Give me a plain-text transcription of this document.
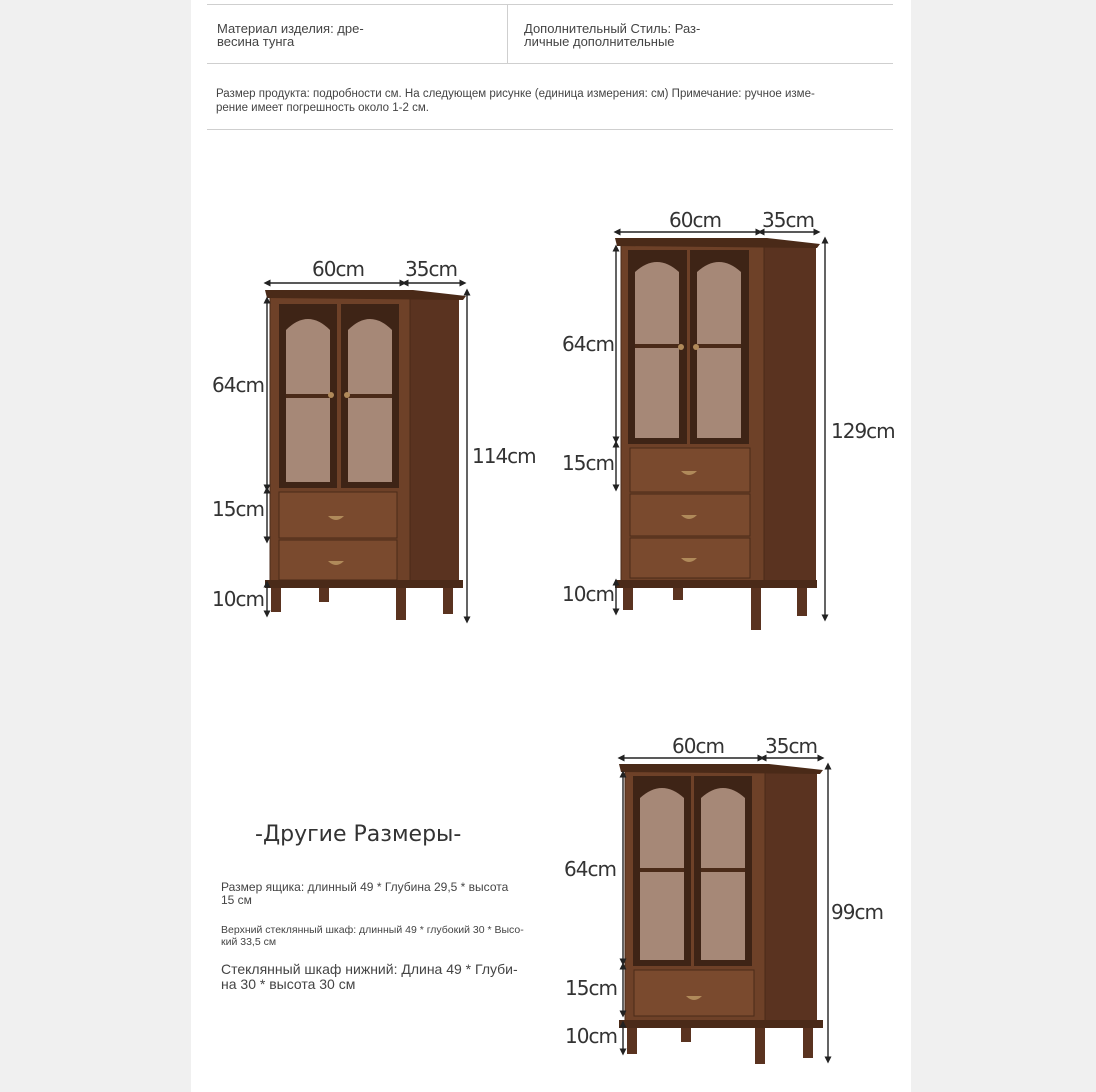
Материал изделия: дре-
весина тунга
Дополнительный Стиль: Раз-
личные дополнительные
Размер продукта: подробности см. На следующем рисунке (единица измерения: см) Примечание: ручное изме-
рение имеет погрешность около 1-2 см.
60cm 35cm
114cm
64cm
15cm
10cm
60cm 35cm
129cm
64cm
15cm
10cm
60cm 35cm
99cm
64cm
15cm
10cm
-Другие Размеры-
Размер ящика: длинный 49 * Глубина 29,5 * высота
15 см
Верхний стеклянный шкаф: длинный 49 * глубокий 30 * Высо-
кий 33,5 см
Стеклянный шкаф нижний: Длина 49 * Глуби-
на 30 * высота 30 см
